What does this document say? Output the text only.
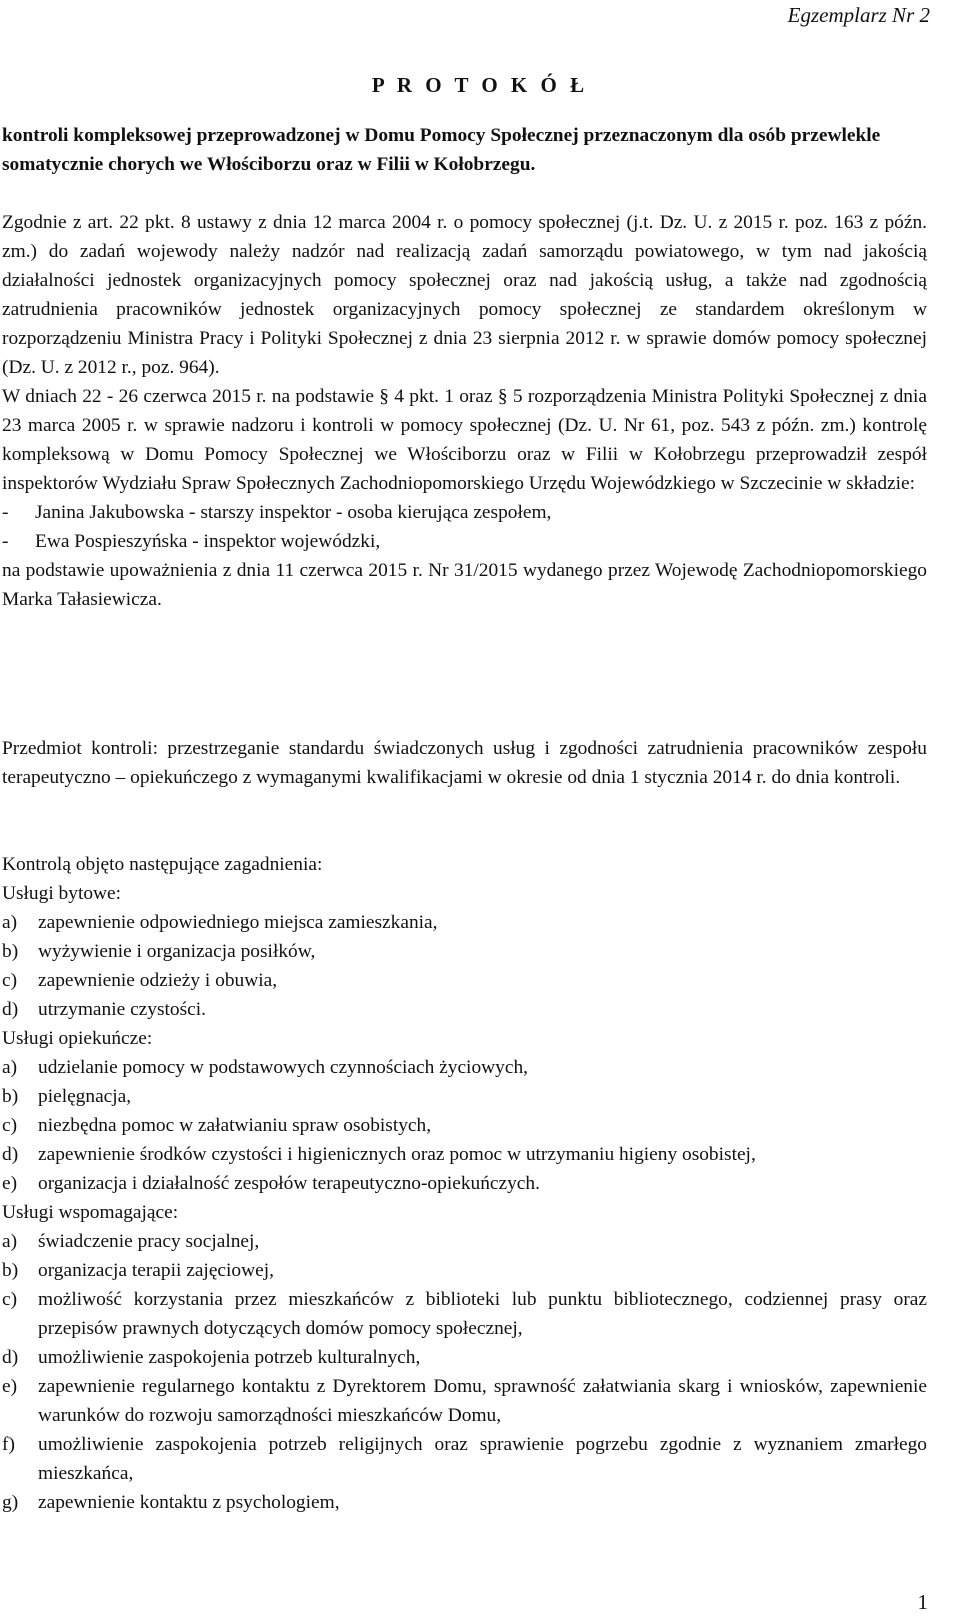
Egzemplarz Nr 2
P R O T O K Ó Ł
kontroli kompleksowej przeprowadzonej w Domu Pomocy Społecznej przeznaczonym dla osób przewlekle somatycznie chorych we Włościborzu oraz w Filii w Kołobrzegu.

Zgodnie z art. 22 pkt. 8 ustawy z dnia 12 marca 2004 r. o pomocy społecznej (j.t. Dz. U. z 2015 r. poz. 163 z późn. zm.) do zadań wojewody należy nadzór nad realizacją zadań samorządu powiatowego, w tym nad jakością działalności jednostek organizacyjnych pomocy społecznej oraz nad jakością usług, a także nad zgodnością zatrudnienia pracowników jednostek organizacyjnych pomocy społecznej ze standardem określonym w rozporządzeniu Ministra Pracy i Polityki Społecznej z dnia 23 sierpnia 2012 r. w sprawie domów pomocy społecznej (Dz. U. z 2012 r., poz. 964).

W dniach 22 - 26 czerwca 2015 r. na podstawie § 4 pkt. 1 oraz § 5 rozporządzenia Ministra Polityki Społecznej z dnia 23 marca 2005 r. w sprawie nadzoru i kontroli w pomocy społecznej (Dz. U. Nr 61, poz. 543 z późn. zm.) kontrolę kompleksową w Domu Pomocy Społecznej we Włościborzu oraz w Filii w Kołobrzegu przeprowadził zespół inspektorów Wydziału Spraw Społecznych Zachodniopomorskiego Urzędu Wojewódzkiego w Szczecinie w składzie:

- Janina Jakubowska - starszy inspektor - osoba kierująca zespołem,
- Ewa Pospieszyńska - inspektor wojewódzki,

na podstawie upoważnienia z dnia 11 czerwca 2015 r. Nr 31/2015 wydanego przez Wojewodę Zachodniopomorskiego Marka Tałasiewicza.

Przedmiot kontroli: przestrzeganie standardu świadczonych usług i zgodności zatrudnienia pracowników zespołu terapeutyczno – opiekuńczego z wymaganymi kwalifikacjami w okresie od dnia 1 stycznia 2014 r. do dnia kontroli.

Kontrolą objęto następujące zagadnienia:

Usługi bytowe:

a) zapewnienie odpowiedniego miejsca zamieszkania,
b) wyżywienie i organizacja posiłków,
c) zapewnienie odzieży i obuwia,
d) utrzymanie czystości.

Usługi opiekuńcze:

a) udzielanie pomocy w podstawowych czynnościach życiowych,
b) pielęgnacja,
c) niezbędna pomoc w załatwianiu spraw osobistych,
d) zapewnienie środków czystości i higienicznych oraz pomoc w utrzymaniu higieny osobistej,
e) organizacja i działalność zespołów terapeutyczno-opiekuńczych.

Usługi wspomagające:

a) świadczenie pracy socjalnej,
b) organizacja terapii zajęciowej,
c) możliwość korzystania przez mieszkańców z biblioteki lub punktu bibliotecznego, codziennej prasy oraz przepisów prawnych dotyczących domów pomocy społecznej,
d) umożliwienie zaspokojenia potrzeb kulturalnych,
e) zapewnienie regularnego kontaktu z Dyrektorem Domu, sprawność załatwiania skarg i wniosków, zapewnienie warunków do rozwoju samorządności mieszkańców Domu,
f) umożliwienie zaspokojenia potrzeb religijnych oraz sprawienie pogrzebu zgodnie z wyznaniem zmarłego mieszkańca,
g) zapewnienie kontaktu z psychologiem,
1
